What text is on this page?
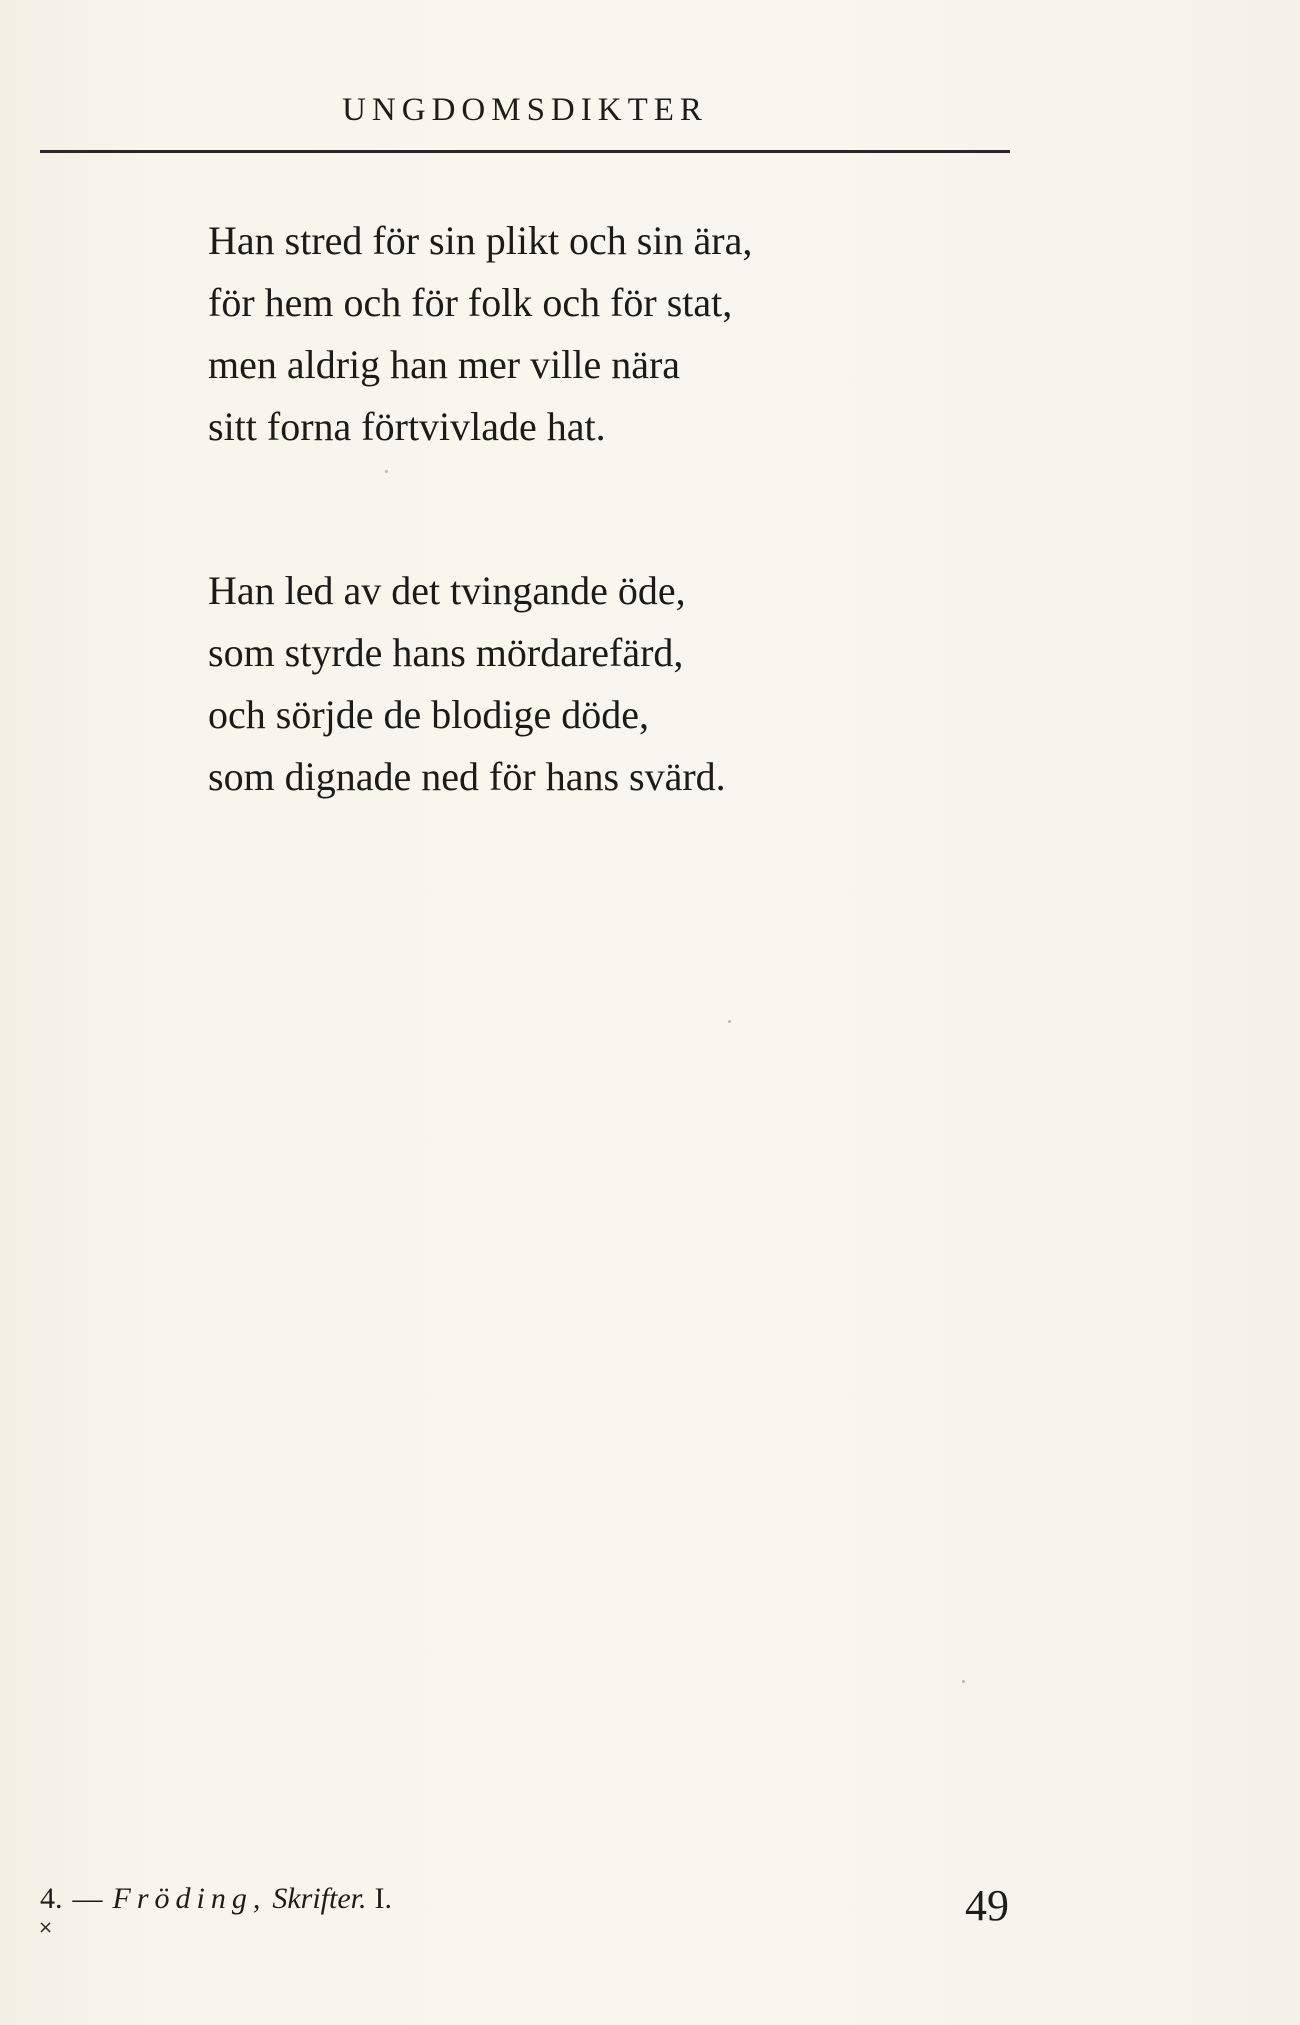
UNGDOMSDIKTER
Han stred för sin plikt och sin ära,
för hem och för folk och för stat,
men aldrig han mer ville nära
sitt forna förtvivlade hat.
Han led av det tvingande öde,
som styrde hans mördarefärd,
och sörjde de blodige döde,
som dignade ned för hans svärd.
4. — Fröding, Skrifter. I.
×	49
